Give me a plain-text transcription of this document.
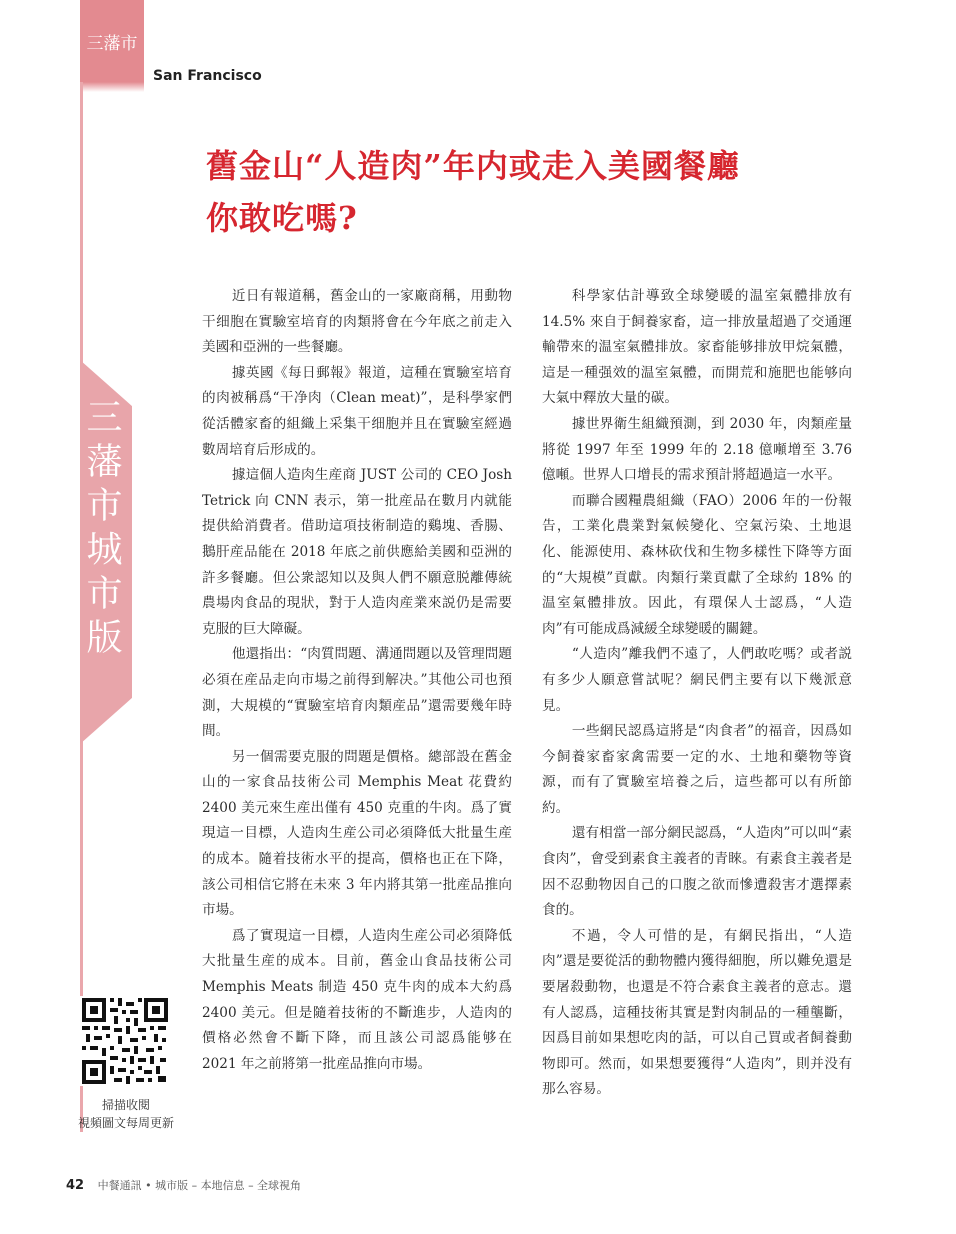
三藩市
San Francisco
舊金山“人造肉”年内或走入美國餐廳
你敢吃嗎?
三藩市城市版

近日有報道稱，舊金山的一家廠商稱，用動物干细胞在實驗室培育的肉類將會在今年底之前走入美國和亞洲的一些餐廳。

據英國《每日郵報》報道，這種在實驗室培育的肉被稱爲“干净肉（Clean meat)”，是科學家們從活體家畜的組織上采集干细胞并且在實驗室經過數周培育后形成的。

據這個人造肉生産商 JUST 公司的 CEO Josh Tetrick 向 CNN 表示，第一批産品在數月内就能提供給消費者。借助這項技術制造的鷄塊、香腸、鵝肝産品能在 2018 年底之前供應給美國和亞洲的許多餐廳。但公衆認知以及與人們不願意脱離傳統農場肉食品的現狀，對于人造肉産業來説仍是需要克服的巨大障礙。

他還指出：“肉質問題、溝通問題以及管理問題必須在産品走向市場之前得到解决。”其他公司也預測，大規模的“實驗室培育肉類産品”還需要幾年時間。

另一個需要克服的問題是價格。總部設在舊金山的一家食品技術公司 Memphis Meat 花費約 2400 美元來生産出僅有 450 克重的牛肉。爲了實現這一目標，人造肉生産公司必須降低大批量生産的成本。隨着技術水平的提高，價格也正在下降，該公司相信它將在未來 3 年内將其第一批産品推向市場。

爲了實現這一目標，人造肉生産公司必須降低大批量生産的成本。目前，舊金山食品技術公司 Memphis Meats 制造 450 克牛肉的成本大約爲 2400 美元。但是隨着技術的不斷進步，人造肉的價格必然會不斷下降，而且該公司認爲能够在 2021 年之前將第一批産品推向市場。

科學家估計導致全球變暖的温室氣體排放有 14.5% 來自于飼養家畜，這一排放量超過了交通運輸帶來的温室氣體排放。家畜能够排放甲烷氣體，這是一種强效的温室氣體，而開荒和施肥也能够向大氣中釋放大量的碳。

據世界衛生組織預測，到 2030 年，肉類産量將從 1997 年至 1999 年的 2.18 億噸增至 3.76 億噸。世界人口增長的需求預計將超過這一水平。

而聯合國糧農組織（FAO）2006 年的一份報告，工業化農業對氣候變化、空氣污染、土地退化、能源使用、森林砍伐和生物多樣性下降等方面的“大規模”貢獻。肉類行業貢獻了全球約 18% 的温室氣體排放。因此，有環保人士認爲，“人造肉”有可能成爲減緩全球變暖的關鍵。

“人造肉”離我們不遠了，人們敢吃嗎？或者説有多少人願意嘗試呢？網民們主要有以下幾派意見。

一些網民認爲這將是“肉食者”的福音，因爲如今飼養家畜家禽需要一定的水、土地和藥物等資源，而有了實驗室培養之后，這些都可以有所節約。

還有相當一部分網民認爲，“人造肉”可以叫“素食肉”，會受到素食主義者的青睞。有素食主義者是因不忍動物因自己的口腹之欲而慘遭殺害才選擇素食的。

不過，令人可惜的是，有網民指出，“人造肉”還是要從活的動物體内獲得細胞，所以難免還是要屠殺動物，也還是不符合素食主義者的意志。還有人認爲，這種技術其實是對肉制品的一種壟斷，因爲目前如果想吃肉的話，可以自己買或者飼養動物即可。然而，如果想要獲得“人造肉”，則并没有那么容易。

掃描收閱
視頻圖文每周更新
42 中餐通訊 • 城市版 – 本地信息 – 全球視角
